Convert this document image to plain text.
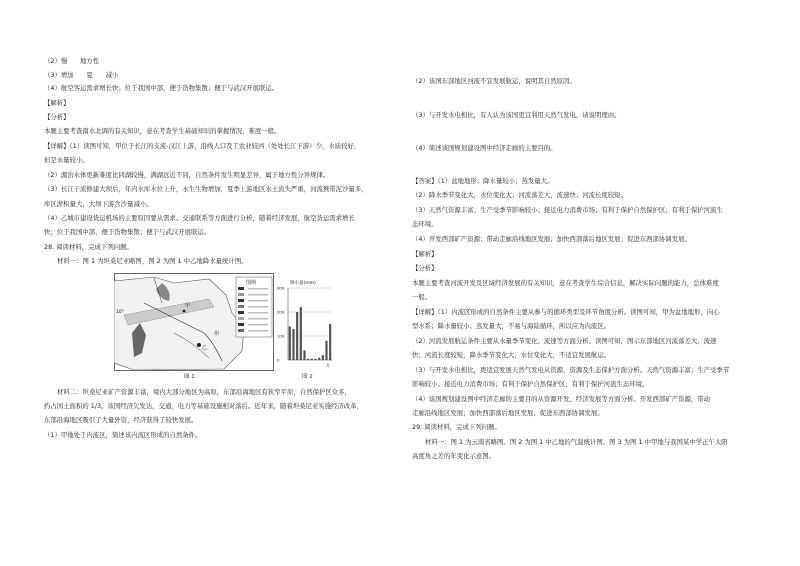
（2）慢　　地方性
（3）增加　　夏　　减小
（4）航空客运需求增长快；位于我国中部，便于货物集散；便于与武汉开展联运。
【解析】
【分析】
本题主要考查南水北调的有关知识，意在考查学生基础知识的掌握情况，难度一般。
【详解】（1）读图可知，甲位于长江的支流-汉江上游，沿线人口及工农业较丙（处处长江下游）少，水质较好，
但是水量较小。
（2）源治水体更新难度比同湖较慢，满湖远近不同，自然条件发生明显差异，属于地方性分异规律。
（3）长江干流修建大坝后，年内水库水位上升，水生生物增加，夏季上游地区水土流失严重，河流携带泥沙量多，
库区淤积量大，大坝下游含沙量减小。
（4）乙城市建设货运机场的主要原因要从需求、交通联系等方面进行分析，随着经济发展，航空货运需求增长
快；位于我国中部，便于货物集散；便于与武汉开展联运。
28. 阅读材料，完成下列问题。
材料一：图 1 为坦桑尼亚略图，图 2 为图 1 中乙地降水量统计图。
图例
10°
坦
甲
乙
图 1
降水量(mm)
300
200
100
0
月
图 2
材料二：坦桑尼亚矿产资源丰富，境内大部分地区为高原，东部沿海地区有狭窄平原，自然保护区众多，
约占国土面积的 1/3。该国经济欠发达，交通、电力等基础设施相对落后。近年来，随着坦桑尼亚实施经济改革，
东部沿海地区吸引了大量外资，经济获得了较快发展。
（1）甲地处于内流区，简述该内流区形成的自然条件。
（2）该国东部地区河流不宜发展航运，说明其自然原因。
（3）与开发水电相比，有人认为该国更宜利用天然气发电，请说明理由。
（4）简述该国规划建设图中经济走廊的主要目的。
【答案】（1）盆地地形；降水量较小；蒸发量大。
（2）降水季节变化大，水位变化大；河流落差大，流速快；河流长度较短。
（3）天然气资源丰富；生产受季节影响较小；接近电力消费市场；有利于保护自然保护区；有利于保护河流生
态环境。
（4）开发西部矿产资源；带动走廊沿线地区发展；加快西部落后地区发展；促进东西部协调发展。
【解析】
【分析】
本题主要考查河流开发及区域经济发展的有关知识，意在考查学生综合信息，解决实际问题的能力，总体难度
一般。
【详解】（1）内流区形成的自然条件主要从参与的循环类型及环节角度分析。读图可知，甲为盆地地形，向心
型水系；降水量较小；蒸发量大，不易与海陆循环，所以应为内流区。
（2）河流发展航运条件主要从水量季节变化、流速等方面分析。读图可知，图示东部地区河流落差大，流速
快；河流长度较短，降水季节变化大，水位变化大，不适宜发展航运。
（3）与开发水电相比，更适宜发展天然气发电从资源、资源及生态保护方面分析。天然气资源丰富；生产受季节
影响较小；接近电力消费市场；有利于保护自然保护区；有利于保护河流生态环境。
（4）该国规划建设图中经济走廊的主要目的从资源开发、经济发展等方面分析。开发西部矿产资源，带动
走廊沿线地区发展；加快西部落后地区发展；促进东西部协调发展。
29. 阅读材料，完成下列问题。
材料一：图 1 为云南省略图。图 2 为图 1 中乙地的气温统计图。图 3 为图 1 中甲地与我国某中学正午太阳
高度角之差的年变化示意图。
